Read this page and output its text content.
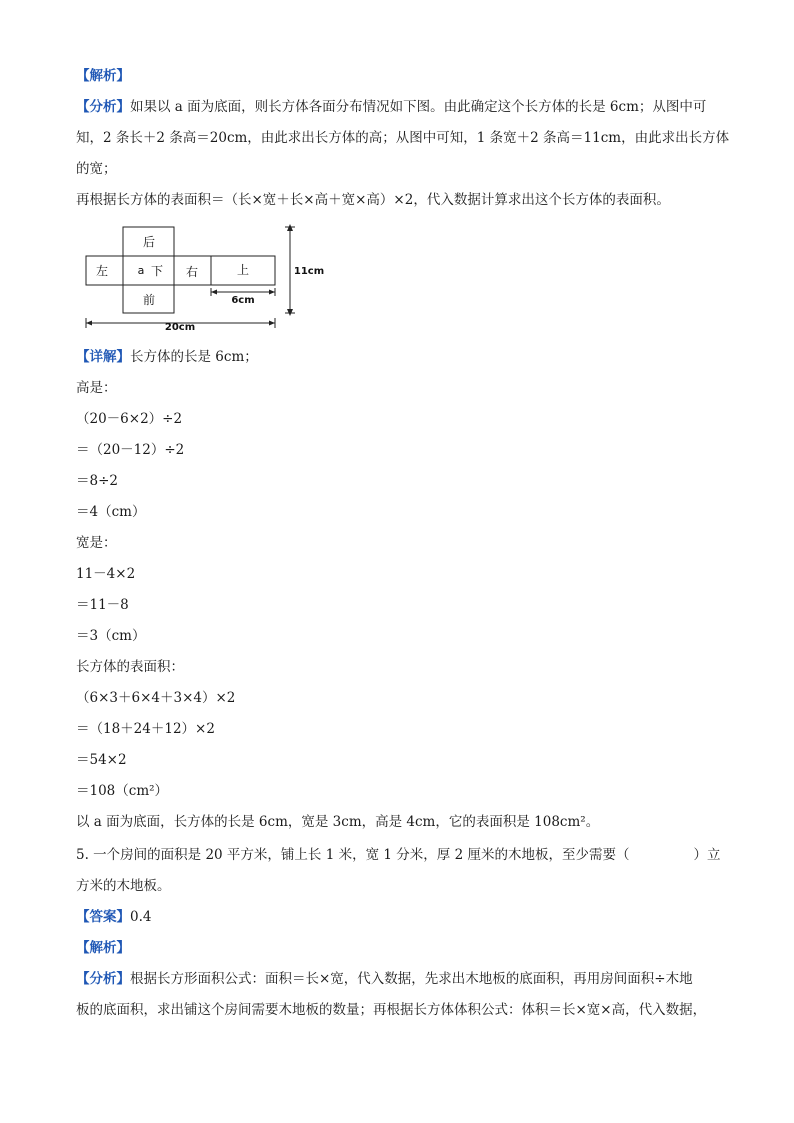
【解析】
【分析】如果以 a 面为底面，则长方体各面分布情况如下图。由此确定这个长方体的长是 6cm；从图中可
知，2 条长＋2 条高＝20cm，由此求出长方体的高；从图中可知，1 条宽＋2 条高＝11cm，由此求出长方体
的宽；
再根据长方体的表面积＝（长×宽＋长×高＋宽×高）×2，代入数据计算求出这个长方体的表面积。
后
左	a 下 右	上
前	6cm
11cm
20cm
【详解】长方体的长是 6cm；
高是：
（20－6×2）÷2
＝（20－12）÷2
＝8÷2
＝4（cm）
宽是：
11－4×2
＝11－8
＝3（cm）
长方体的表面积：
（6×3＋6×4＋3×4）×2
＝（18＋24＋12）×2
＝54×2
＝108（cm²）
以 a 面为底面，长方体的长是 6cm，宽是 3cm，高是 4cm，它的表面积是 108cm²。
5. 一个房间的面积是 20 平方米，铺上长 1 米，宽 1 分米，厚 2 厘米的木地板，至少需要（	）立
方米的木地板。
【答案】0.4
【解析】
【分析】根据长方形面积公式：面积＝长×宽，代入数据，先求出木地板的底面积，再用房间面积÷木地
板的底面积，求出铺这个房间需要木地板的数量；再根据长方体体积公式：体积＝长×宽×高，代入数据，
